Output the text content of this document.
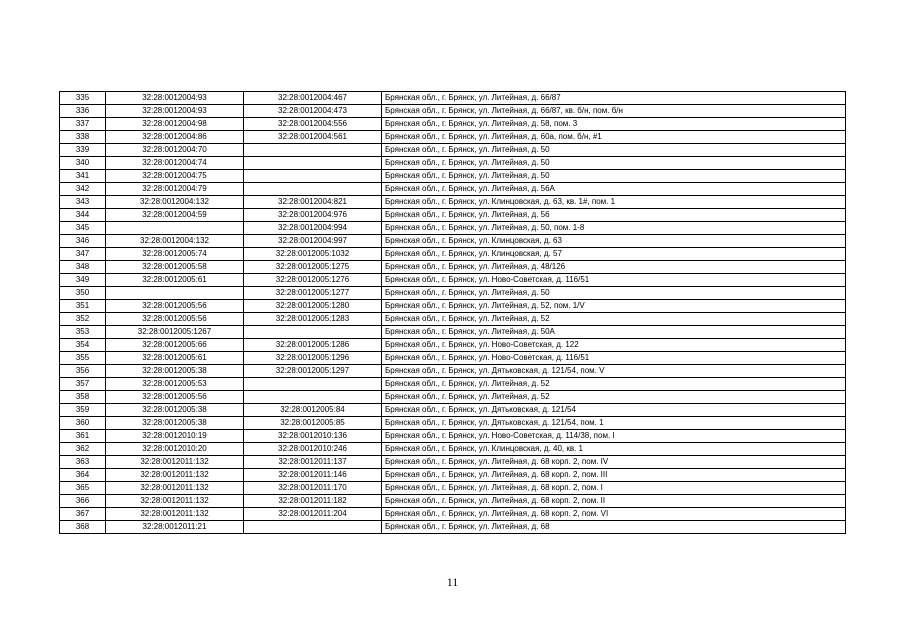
335	32:28:0012004:93	32:28:0012004:467	Брянская обл., г. Брянск, ул. Литейная, д. 66/87
336	32:28:0012004:93	32:28:0012004:473	Брянская обл., г. Брянск, ул. Литейная, д. 66/87, кв. б/н, пом. б/н
337	32:28:0012004:98	32:28:0012004:556	Брянская обл., г. Брянск, ул. Литейная, д. 58, пом. 3
338	32:28:0012004:86	32:28:0012004:561	Брянская обл., г. Брянск, ул. Литейная, д. 60а, пом. б/н, #1
339	32:28:0012004:70		Брянская обл., г. Брянск, ул. Литейная, д. 50
340	32:28:0012004:74		Брянская обл., г. Брянск, ул. Литейная, д. 50
341	32:28:0012004:75		Брянская обл., г. Брянск, ул. Литейная, д. 50
342	32:28:0012004:79		Брянская обл., г. Брянск, ул. Литейная, д. 56А
343	32:28:0012004:132	32:28:0012004:821	Брянская обл., г. Брянск, ул. Клинцовская, д. 63, кв. 1#, пом. 1
344	32:28:0012004:59	32:28:0012004:976	Брянская обл., г. Брянск, ул. Литейная, д. 56
345		32:28:0012004:994	Брянская обл., г. Брянск, ул. Литейная, д. 50, пом. 1-8
346	32:28:0012004:132	32:28:0012004:997	Брянская обл., г. Брянск, ул. Клинцовская, д. 63
347	32:28:0012005:74	32:28:0012005:1032	Брянская обл., г. Брянск, ул. Клинцовская, д. 57
348	32:28:0012005:58	32:28:0012005:1275	Брянская обл., г. Брянск, ул. Литейная, д. 48/126
349	32:28:0012005:61	32:28:0012005:1276	Брянская обл., г. Брянск, ул. Ново-Советская, д. 116/51
350		32:28:0012005:1277	Брянская обл., г. Брянск, ул. Литейная, д. 50
351	32:28:0012005:56	32:28:0012005:1280	Брянская обл., г. Брянск, ул. Литейная, д. 52, пом. 1/V
352	32:28:0012005:56	32:28:0012005:1283	Брянская обл., г. Брянск, ул. Литейная, д. 52
353	32:28:0012005:1267		Брянская обл., г. Брянск, ул. Литейная, д. 50А
354	32:28:0012005:66	32:28:0012005:1286	Брянская обл., г. Брянск, ул. Ново-Советская, д. 122
355	32:28:0012005:61	32:28:0012005:1296	Брянская обл., г. Брянск, ул. Ново-Советская, д. 116/51
356	32:28:0012005:38	32:28:0012005:1297	Брянская обл., г. Брянск, ул. Дятьковская, д. 121/54, пом. V
357	32:28:0012005:53		Брянская обл., г. Брянск, ул. Литейная, д. 52
358	32:28:0012005:56		Брянская обл., г. Брянск, ул. Литейная, д. 52
359	32:28:0012005:38	32:28:0012005:84	Брянская обл., г. Брянск, ул. Дятьковская, д. 121/54
360	32:28:0012005:38	32:28:0012005:85	Брянская обл., г. Брянск, ул. Дятьковская, д. 121/54, пом. 1
361	32:28:0012010:19	32:28:0012010:136	Брянская обл., г. Брянск, ул. Ново-Советская, д. 114/38, пом. I
362	32:28:0012010:20	32:28:0012010:246	Брянская обл., г. Брянск, ул. Клинцовская, д. 40, кв. 1
363	32:28:0012011:132	32:28:0012011:137	Брянская обл., г. Брянск, ул. Литейная, д. 68 корп. 2, пом. IV
364	32:28:0012011:132	32:28:0012011:146	Брянская обл., г. Брянск, ул. Литейная, д. 68 корп. 2, пом. III
365	32:28:0012011:132	32:28:0012011:170	Брянская обл., г. Брянск, ул. Литейная, д. 68 корп. 2, пом. I
366	32:28:0012011:132	32:28:0012011:182	Брянская обл., г. Брянск, ул. Литейная, д. 68 корп. 2, пом. II
367	32:28:0012011:132	32:28:0012011:204	Брянская обл., г. Брянск, ул. Литейная, д. 68 корп. 2, пом. VI
368	32:28:0012011:21		Брянская обл., г. Брянск, ул. Литейная, д. 68
11
